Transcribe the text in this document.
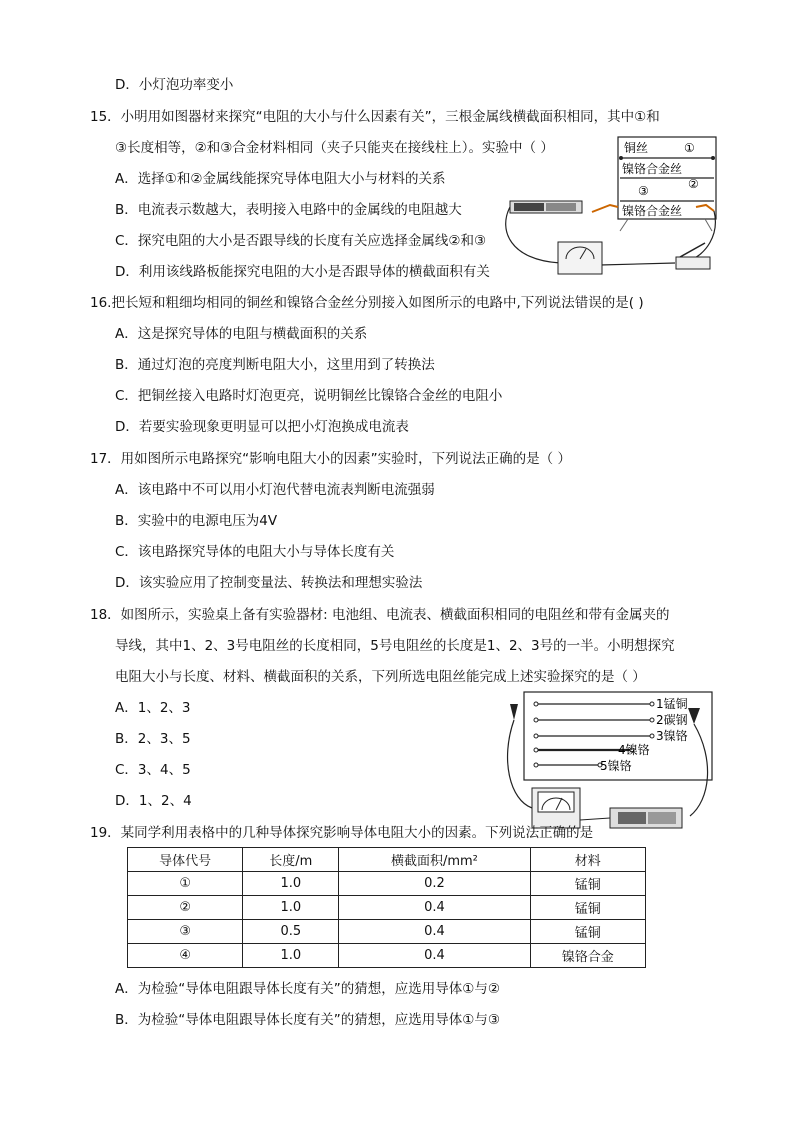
D．小灯泡功率变小
15．小明用如图器材来探究“电阻的大小与什么因素有关”，三根金属线横截面积相同，其中①和
③长度相等，②和③合金材料相同（夹子只能夹在接线柱上）。实验中（ ）
A．选择①和②金属线能探究导体电阻大小与材料的关系
B．电流表示数越大，表明接入电路中的金属线的电阻越大
C．探究电阻的大小是否跟导线的长度有关应选择金属线②和③
D．利用该线路板能探究电阻的大小是否跟导体的横截面积有关
铜丝	①
镍铬合金丝
③	②
镍铬合金丝
16.把长短和粗细均相同的铜丝和镍铬合金丝分别接入如图所示的电路中,下列说法错误的是( )
A．这是探究导体的电阻与横截面积的关系
B．通过灯泡的亮度判断电阻大小，这里用到了转换法
C．把铜丝接入电路时灯泡更亮，说明铜丝比镍铬合金丝的电阻小
D．若要实验现象更明显可以把小灯泡换成电流表
17．用如图所示电路探究“影响电阻大小的因素”实验时，下列说法正确的是（ ）
A．该电路中不可以用小灯泡代替电流表判断电流强弱
B．实验中的电源电压为4V
C．该电路探究导体的电阻大小与导体长度有关
D．该实验应用了控制变量法、转换法和理想实验法
18．如图所示，实验桌上备有实验器材: 电池组、电流表、横截面积相同的电阻丝和带有金属夹的
导线，其中1、2、3号电阻丝的长度相同，5号电阻丝的长度是1、2、3号的一半。小明想探究
电阻大小与长度、材料、横截面积的关系，下列所选电阻丝能完成上述实验探究的是（ ）
A．1、2、3
B．2、3、5
C．3、4、5
D．1、2、4
1锰铜
2碳钢
3镍铬
4镍铬
5镍铬
19．某同学利用表格中的几种导体探究影响导体电阻大小的因素。下列说法正确的是
导体代号	长度/m	横截面积/mm²	材料
①	1.0	0.2	锰铜
②	1.0	0.4	锰铜
③	0.5	0.4	锰铜
④	1.0	0.4	镍铬合金
A．为检验“导体电阻跟导体长度有关”的猜想，应选用导体①与②
B．为检验“导体电阻跟导体长度有关”的猜想，应选用导体①与③
